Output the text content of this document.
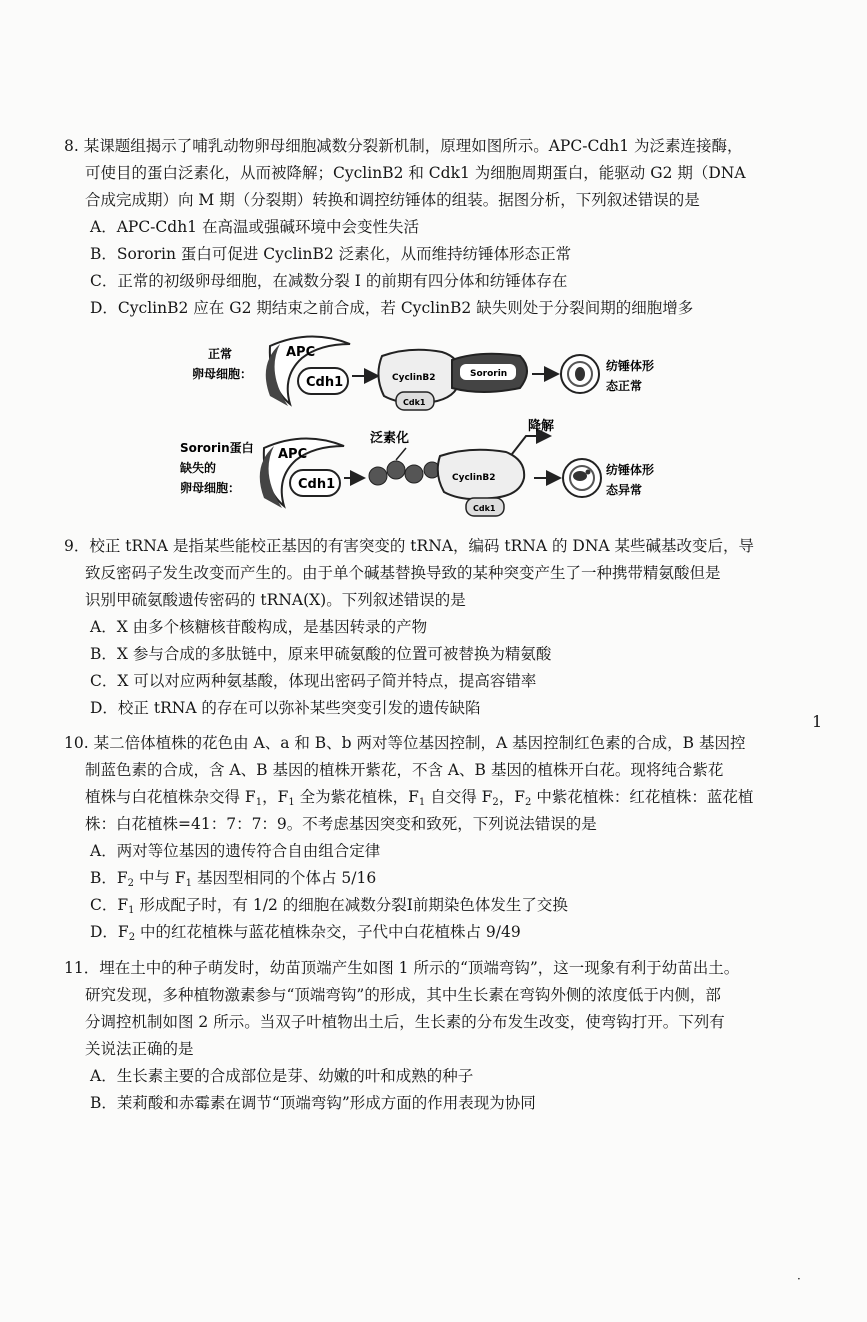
8. 某课题组揭示了哺乳动物卵母细胞减数分裂新机制，原理如图所示。APC-Cdh1 为泛素连接酶，
可使目的蛋白泛素化，从而被降解；CyclinB2 和 Cdk1 为细胞周期蛋白，能驱动 G2 期（DNA
合成完成期）向 M 期（分裂期）转换和调控纺锤体的组装。据图分析，下列叙述错误的是
A．APC-Cdh1 在高温或强碱环境中会变性失活
B．Sororin 蛋白可促进 CyclinB2 泛素化，从而维持纺锤体形态正常
C．正常的初级卵母细胞，在减数分裂 I 的前期有四分体和纺锤体存在
D．CyclinB2 应在 G2 期结束之前合成，若 CyclinB2 缺失则处于分裂间期的细胞增多
正常
卵母细胞：
APC
Cdh1	CyclinB2
Cdk1
Sororin
纺锤体形
态正常
Sororin蛋白
缺失的
卵母细胞：
APC
Cdh1
泛素化
CyclinB2
Cdk1
降解
纺锤体形
态异常
9．校正 tRNA 是指某些能校正基因的有害突变的 tRNA，编码 tRNA 的 DNA 某些碱基改变后，导
致反密码子发生改变而产生的。由于单个碱基替换导致的某种突变产生了一种携带精氨酸但是
识别甲硫氨酸遗传密码的 tRNA(X)。下列叙述错误的是
A．X 由多个核糖核苷酸构成，是基因转录的产物
B．X 参与合成的多肽链中，原来甲硫氨酸的位置可被替换为精氨酸
C．X 可以对应两种氨基酸，体现出密码子简并特点，提高容错率
D．校正 tRNA 的存在可以弥补某些突变引发的遗传缺陷
10. 某二倍体植株的花色由 A、a 和 B、b 两对等位基因控制，A 基因控制红色素的合成，B 基因控
制蓝色素的合成，含 A、B 基因的植株开紫花，不含 A、B 基因的植株开白花。现将纯合紫花
植株与白花植株杂交得 $F_1$，$F_1$ 全为紫花植株，$F_1$ 自交得 $F_2$，$F_2$ 中紫花植株：红花植株：蓝花植
株：白花植株=41：7：7：9。不考虑基因突变和致死，下列说法错误的是
A．两对等位基因的遗传符合自由组合定律
B．$F_2$ 中与 $F_1$ 基因型相同的个体占 5/16
C．$F_1$ 形成配子时，有 1/2 的细胞在减数分裂Ⅰ前期染色体发生了交换
D．$F_2$ 中的红花植株与蓝花植株杂交，子代中白花植株占 9/49
11．埋在土中的种子萌发时，幼苗顶端产生如图 1 所示的“顶端弯钩”，这一现象有利于幼苗出土。
研究发现，多种植物激素参与“顶端弯钩”的形成，其中生长素在弯钩外侧的浓度低于内侧，部
分调控机制如图 2 所示。当双子叶植物出土后，生长素的分布发生改变，使弯钩打开。下列有
关说法正确的是
A．生长素主要的合成部位是芽、幼嫩的叶和成熟的种子
B．茉莉酸和赤霉素在调节“顶端弯钩”形成方面的作用表现为协同
1
·
